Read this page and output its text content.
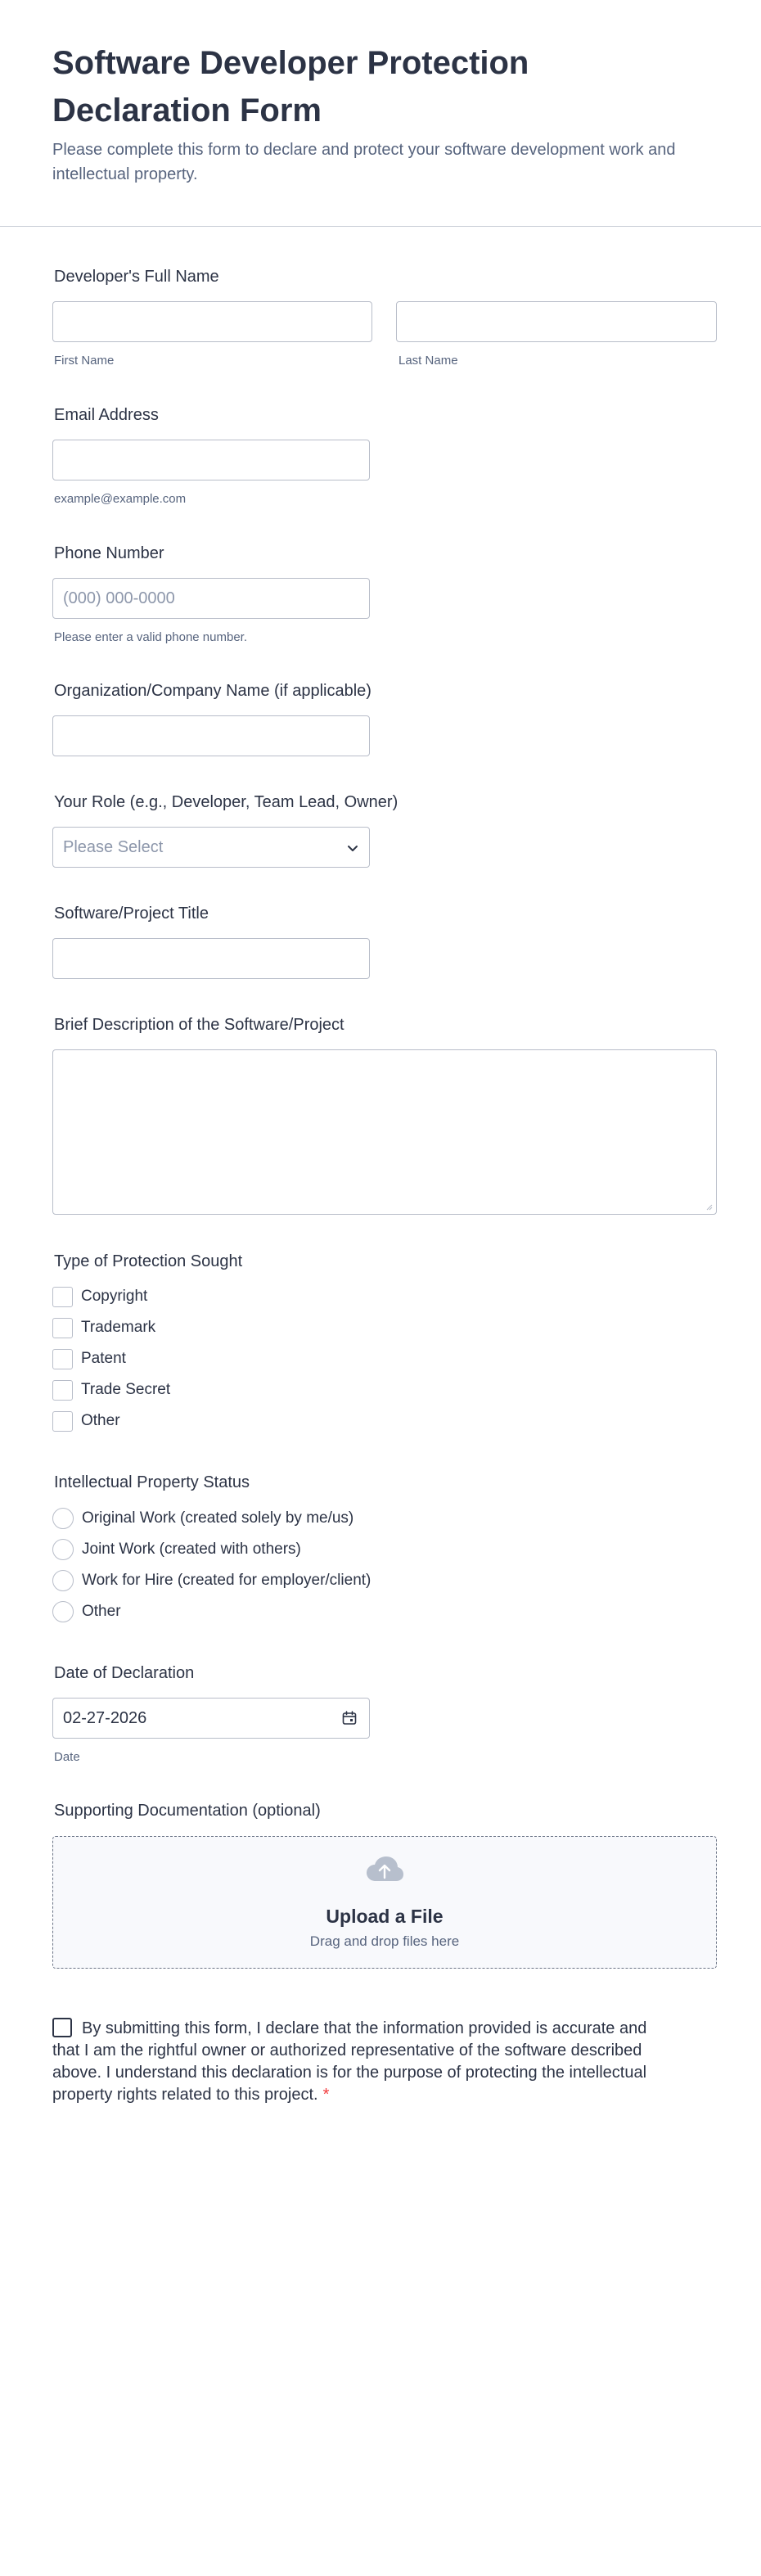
Software Developer Protection Declaration Form
Please complete this form to declare and protect your software development work and intellectual property.
Developer's Full Name
First Name	Last Name
Email Address
example@example.com
Phone Number
(000) 000-0000
Please enter a valid phone number.
Organization/Company Name (if applicable)
Your Role (e.g., Developer, Team Lead, Owner)
Please Select
Software/Project Title
Brief Description of the Software/Project
Type of Protection Sought
Copyright
Trademark
Patent
Trade Secret
Other
Intellectual Property Status
Original Work (created solely by me/us)
Joint Work (created with others)
Work for Hire (created for employer/client)
Other
Date of Declaration
02-27-2026
Date
Supporting Documentation (optional)
Upload a File
Drag and drop files here
By submitting this form, I declare that the information provided is accurate and that I am the rightful owner or authorized representative of the software described above. I understand this declaration is for the purpose of protecting the intellectual property rights related to this project. *
